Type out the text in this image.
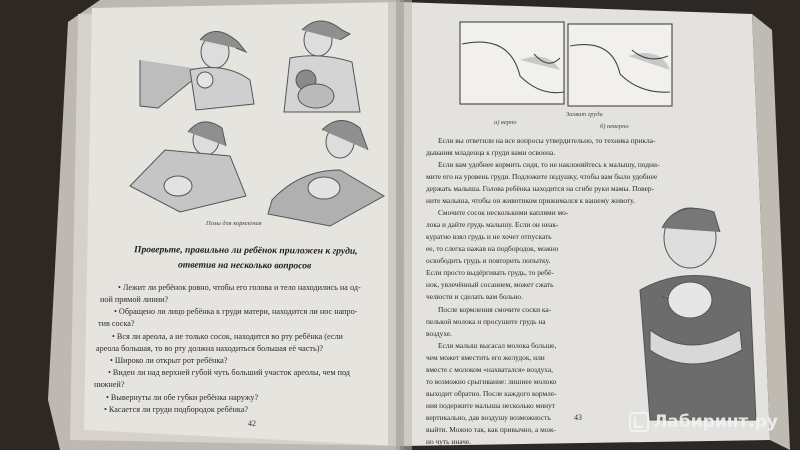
Позы для кормления
Проверьте, правильно ли ребёнок приложен к груди,
ответив на несколько вопросов
• Лежит ли ребёнок ровно, чтобы его голова и тело находились на од-
ной прямой линии?
• Обращено ли лицо ребёнка к груди матери, находится ли нос напро-
тив соска?
• Вся ли ареола, а не только сосок, находится во рту ребёнка (если
ареола большая, то во рту должна находиться большая её часть)?
• Широко ли открыт рот ребёнка?
• Виден ли над верхней губой чуть больший участок ареолы, чем под
нижней?
• Вывернуты ли обе губки ребёнка наружу?
• Касается ли груди подбородок ребёнка?
42
а) верно
Захват груди
б) неверно
Если вы ответили на все вопросы утвердительно, то техника прикла-
дывания младенца к груди вами освоена.
Если вам удобнее кормить сидя, то не наклоняйтесь к малышу, подни-
мите его на уровень груди. Подложите подушку, чтобы вам было удобнее
держать малыша. Голова ребёнка находится на сгибе руки мамы. Повер-
ните малыша, чтобы он животиком прижимался к вашему животу.
Смочите сосок несколькими каплями мо-
лока и дайте грудь малышу. Если он неак-
куратно взял грудь и не хочет отпускать
ее, то слегка нажав на подбородок, можно
освободить грудь и повторить попытку.
Если просто выдёргивать грудь, то ребё-
нок, увлечённый сосанием, может сжать
челюсти и сделать вам больно.
После кормления смочите соски ка-
пелькой молока и просушите грудь на
воздухе.
Если малыш высасал молока больше,
чем может вместить его желудок, или
вместе с молоком «нахватался» воздуха,
то возможно срыгивание: лишнее молоко
выходит обратно. После каждого кормле-
ния подержите малыша несколько минут
вертикально, дав воздушу возможность
выйти. Можно так, как привычно, а мож-
но чуть иначе.
43	Лабиринт.ру
